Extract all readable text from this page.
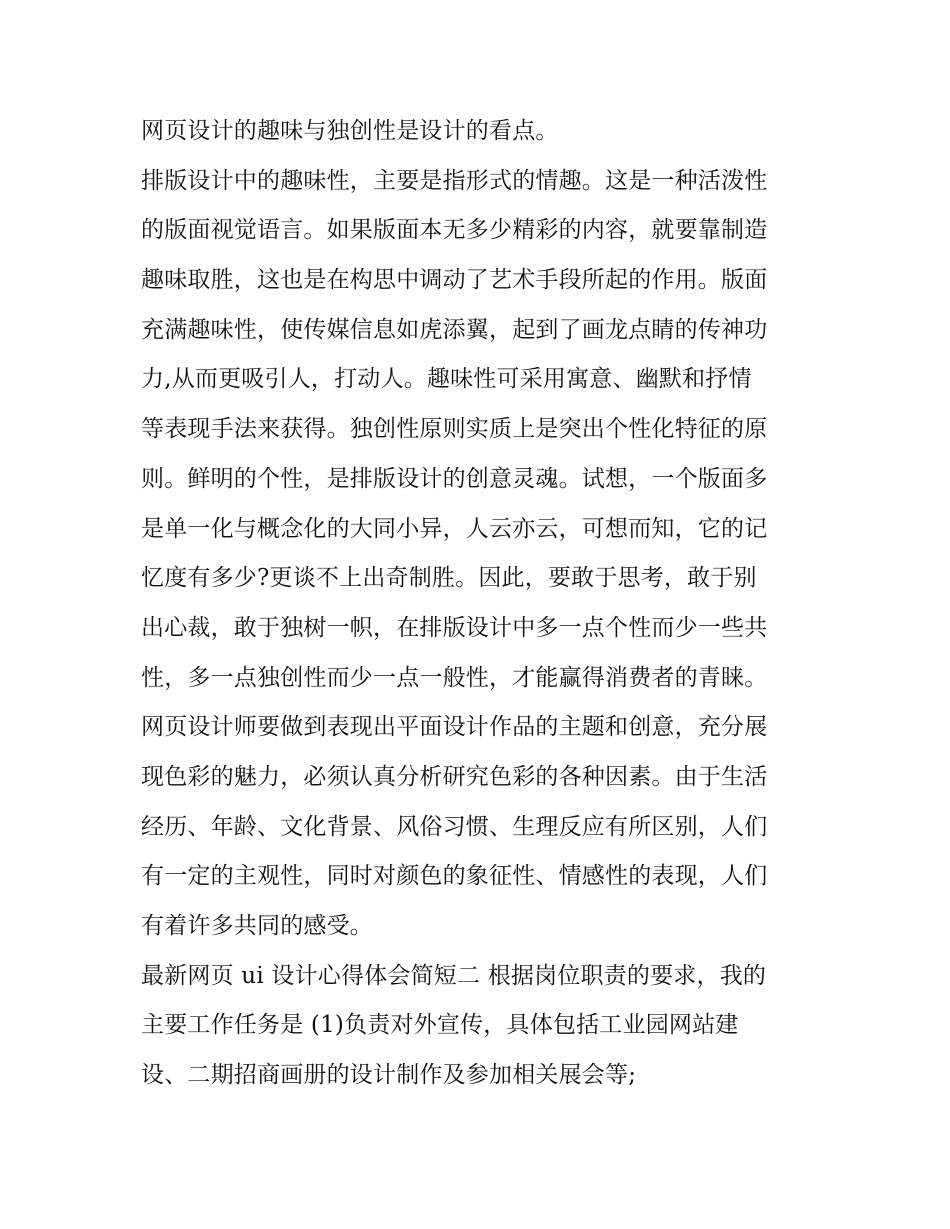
网页设计的趣味与独创性是设计的看点。
排版设计中的趣味性，主要是指形式的情趣。这是一种活泼性
的版面视觉语言。如果版面本无多少精彩的内容，就要靠制造
趣味取胜，这也是在构思中调动了艺术手段所起的作用。版面
充满趣味性，使传媒信息如虎添翼，起到了画龙点睛的传神功
力,从而更吸引人，打动人。趣味性可采用寓意、幽默和抒情
等表现手法来获得。独创性原则实质上是突出个性化特征的原
则。鲜明的个性，是排版设计的创意灵魂。试想，一个版面多
是单一化与概念化的大同小异，人云亦云，可想而知，它的记
忆度有多少?更谈不上出奇制胜。因此，要敢于思考，敢于别
出心裁，敢于独树一帜，在排版设计中多一点个性而少一些共
性，多一点独创性而少一点一般性，才能赢得消费者的青睐。
网页设计师要做到表现出平面设计作品的主题和创意，充分展
现色彩的魅力，必须认真分析研究色彩的各种因素。由于生活
经历、年龄、文化背景、风俗习惯、生理反应有所区别，人们
有一定的主观性，同时对颜色的象征性、情感性的表现，人们
有着许多共同的感受。
最新网页 ui 设计心得体会简短二 根据岗位职责的要求，我的
主要工作任务是 (1)负责对外宣传，具体包括工业园网站建
设、二期招商画册的设计制作及参加相关展会等;
